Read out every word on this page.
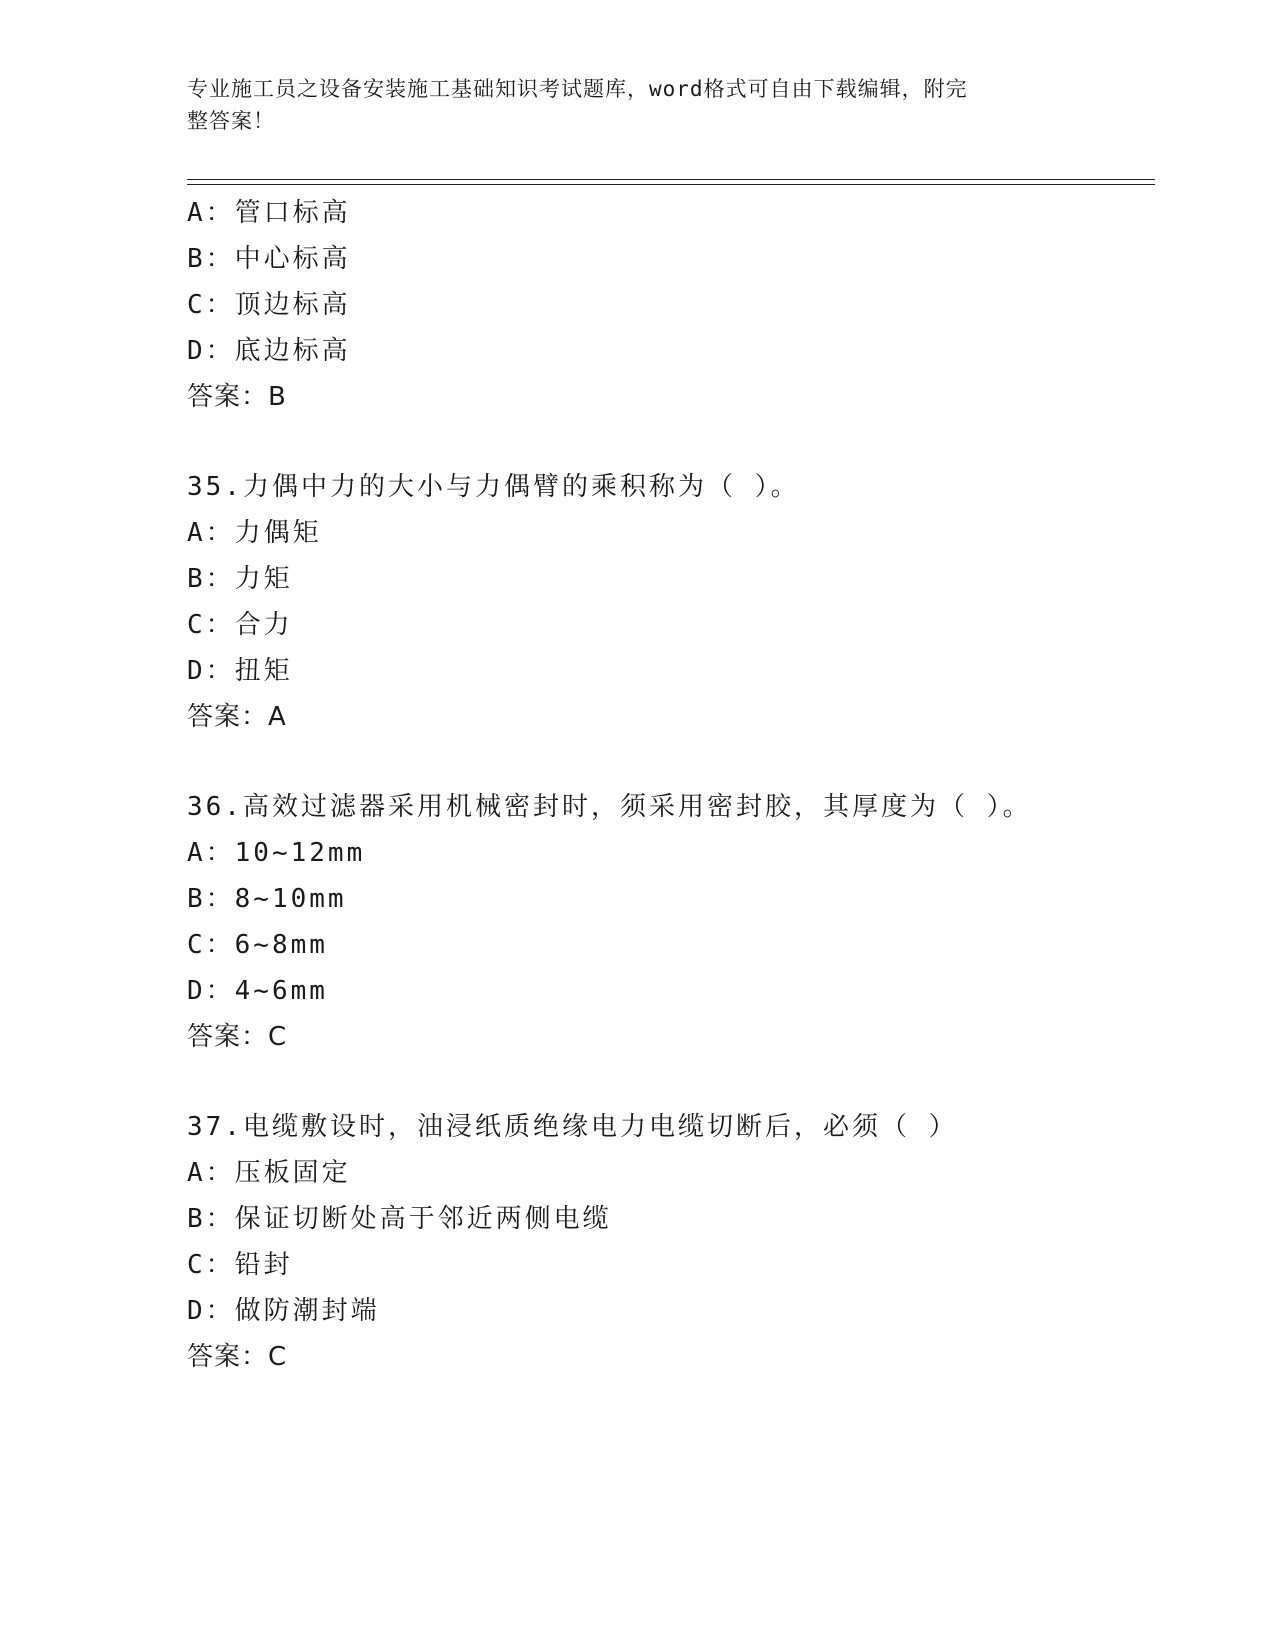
专业施工员之设备安装施工基础知识考试题库，word格式可自由下载编辑，附完
整答案！
A：管口标高
B：中心标高
C：顶边标高
D：底边标高
答案：B
35.力偶中力的大小与力偶臂的乘积称为（ ）。
A：力偶矩
B：力矩
C：合力
D：扭矩
答案：A
36.高效过滤器采用机械密封时，须采用密封胶，其厚度为（ ）。
A：10~12mm
B：8~10mm
C：6~8mm
D：4~6mm
答案：C
37.电缆敷设时，油浸纸质绝缘电力电缆切断后，必须（ ）
A：压板固定
B：保证切断处高于邻近两侧电缆
C：铅封
D：做防潮封端
答案：C
